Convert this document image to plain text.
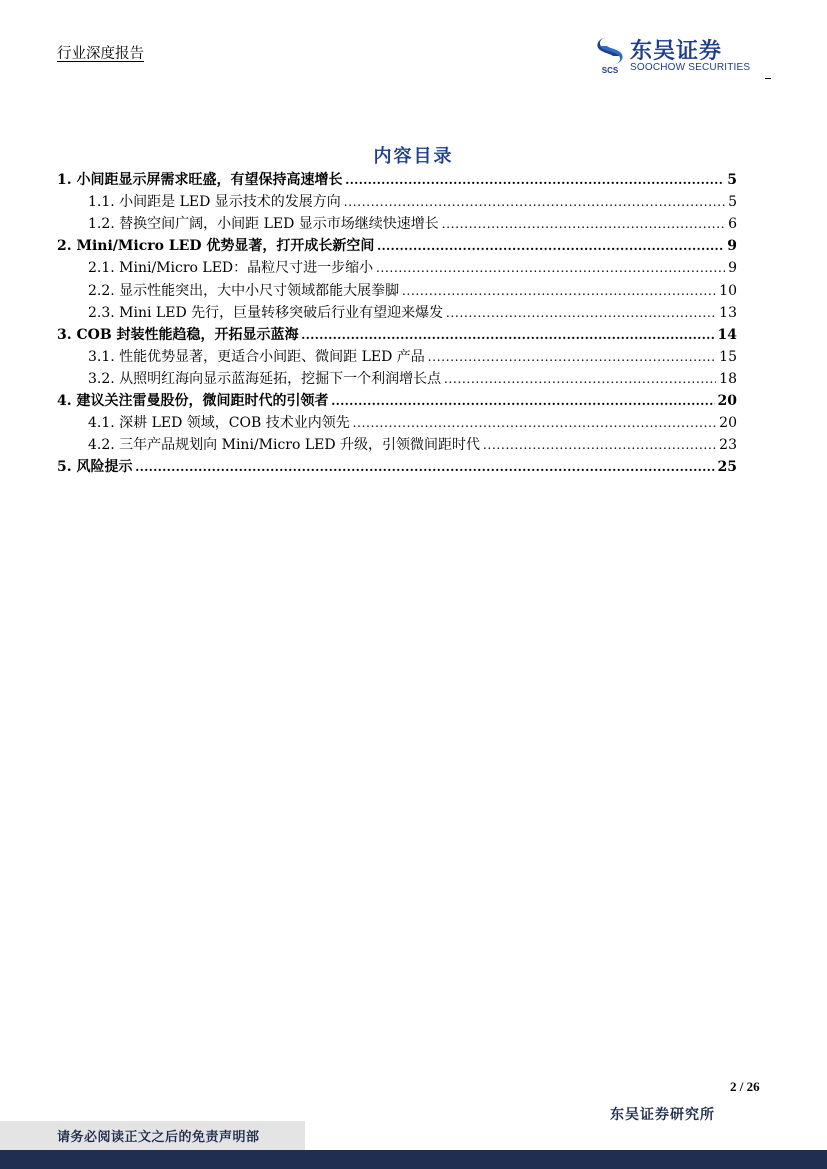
行业深度报告
SCS
东吴证券
SOOCHOW SECURITIES
内容目录
1. 小间距显示屏需求旺盛，有望保持高速增长 .....	5
1.1. 小间距是 LED 显示技术的发展方向 .....	5
1.2. 替换空间广阔，小间距 LED 显示市场继续快速增长 .....	6
2. Mini/Micro LED 优势显著，打开成长新空间 .....	9
2.1. Mini/Micro LED：晶粒尺寸进一步缩小 .....	9
2.2. 显示性能突出，大中小尺寸领域都能大展拳脚 .....	10
2.3. Mini LED 先行，巨量转移突破后行业有望迎来爆发 .....	13
3. COB 封装性能趋稳，开拓显示蓝海 .....	14
3.1. 性能优势显著，更适合小间距、微间距 LED 产品 .....	15
3.2. 从照明红海向显示蓝海延拓，挖掘下一个利润增长点 .....	18
4. 建议关注雷曼股份，微间距时代的引领者 .....	20
4.1. 深耕 LED 领域，COB 技术业内领先 .....	20
4.2. 三年产品规划向 Mini/Micro LED 升级，引领微间距时代 .....	23
5. 风险提示 .....	25
2 / 26
东吴证券研究所
请务必阅读正文之后的免责声明部
